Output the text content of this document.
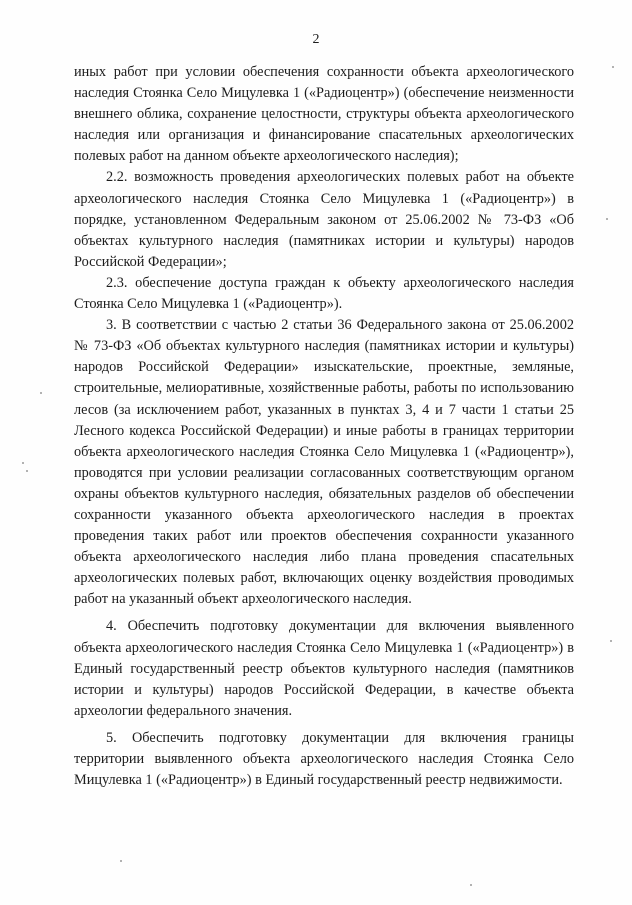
2

иных работ при условии обеспечения сохранности объекта археологического наследия Стоянка Село Мицулевка 1 («Радиоцентр») (обеспечение неизменности внешнего облика, сохранение целостности, структуры объекта археологического наследия или организация и финансирование спасательных археологических полевых работ на данном объекте археологического наследия);

2.2. возможность проведения археологических полевых работ на объекте археологического наследия Стоянка Село Мицулевка 1 («Радиоцентр») в порядке, установленном Федеральным законом от 25.06.2002 № 73-ФЗ «Об объектах культурного наследия (памятниках истории и культуры) народов Российской Федерации»;

2.3. обеспечение доступа граждан к объекту археологического наследия Стоянка Село Мицулевка 1 («Радиоцентр»).

3. В соответствии с частью 2 статьи 36 Федерального закона от 25.06.2002 № 73-ФЗ «Об объектах культурного наследия (памятниках истории и культуры) народов Российской Федерации» изыскательские, проектные, земляные, строительные, мелиоративные, хозяйственные работы, работы по использованию лесов (за исключением работ, указанных в пунктах 3, 4 и 7 части 1 статьи 25 Лесного кодекса Российской Федерации) и иные работы в границах территории объекта археологического наследия Стоянка Село Мицулевка 1 («Радиоцентр»), проводятся при условии реализации согласованных соответствующим органом охраны объектов культурного наследия, обязательных разделов об обеспечении сохранности указанного объекта археологического наследия в проектах проведения таких работ или проектов обеспечения сохранности указанного объекта археологического наследия либо плана проведения спасательных археологических полевых работ, включающих оценку воздействия проводимых работ на указанный объект археологического наследия.

4. Обеспечить подготовку документации для включения выявленного объекта археологического наследия Стоянка Село Мицулевка 1 («Радиоцентр») в Единый государственный реестр объектов культурного наследия (памятников истории и культуры) народов Российской Федерации, в качестве объекта археологии федерального значения.

5. Обеспечить подготовку документации для включения границы территории выявленного объекта археологического наследия Стоянка Село Мицулевка 1 («Радиоцентр») в Единый государственный реестр недвижимости.
